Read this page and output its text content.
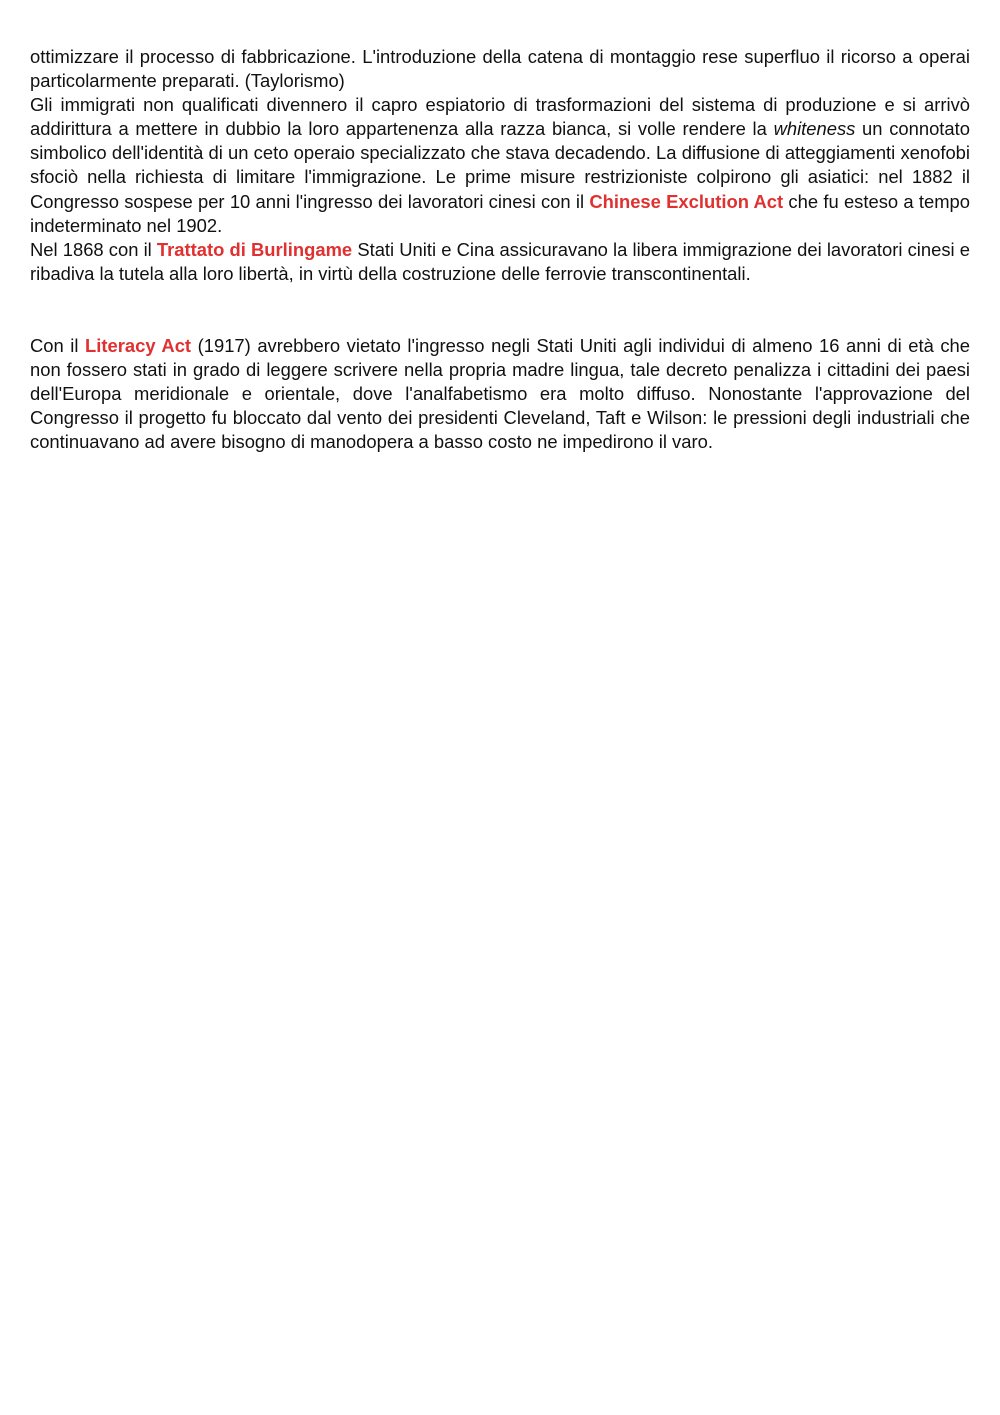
ottimizzare il processo di fabbricazione. L'introduzione della catena di montaggio rese superfluo il ricorso a operai particolarmente preparati. (Taylorismo)

Gli immigrati non qualificati divennero il capro espiatorio di trasformazioni del sistema di produzione e si arrivò addirittura a mettere in dubbio la loro appartenenza alla razza bianca, si volle rendere la whiteness un connotato simbolico dell'identità di un ceto operaio specializzato che stava decadendo. La diffusione di atteggiamenti xenofobi sfociò nella richiesta di limitare l'immigrazione. Le prime misure restrizioniste colpirono gli asiatici: nel 1882 il Congresso sospese per 10 anni l'ingresso dei lavoratori cinesi con il Chinese Exclution Act che fu esteso a tempo indeterminato nel 1902.

Nel 1868 con il Trattato di Burlingame Stati Uniti e Cina assicuravano la libera immigrazione dei lavoratori cinesi e ribadiva la tutela alla loro libertà, in virtù della costruzione delle ferrovie transcontinentali.

Con il Literacy Act (1917) avrebbero vietato l'ingresso negli Stati Uniti agli individui di almeno 16 anni di età che non fossero stati in grado di leggere scrivere nella propria madre lingua, tale decreto penalizza i cittadini dei paesi dell'Europa meridionale e orientale, dove l'analfabetismo era molto diffuso. Nonostante l'approvazione del Congresso il progetto fu bloccato dal vento dei presidenti Cleveland, Taft e Wilson: le pressioni degli industriali che continuavano ad avere bisogno di manodopera a basso costo ne impedirono il varo.
